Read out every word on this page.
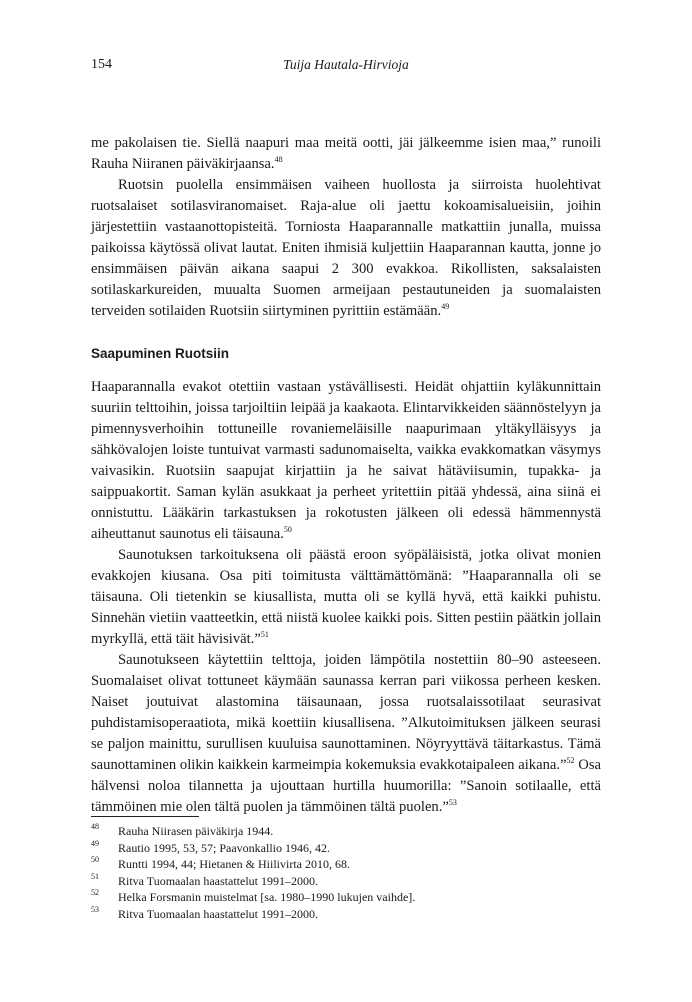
154	Tuija Hautala-Hirvioja

me pakolaisen tie. Siellä naapuri maa meitä ootti, jäi jälkeemme isien maa,” runoili Rauha Niiranen päiväkirjaansa.$^{48}$

Ruotsin puolella ensimmäisen vaiheen huollosta ja siirroista huolehtivat ruotsalaiset sotilasviranomaiset. Raja-alue oli jaettu kokoamisalueisiin, joihin järjestettiin vastaanottopisteitä. Torniosta Haaparannalle matkattiin junalla, muissa paikoissa käytössä olivat lautat. Eniten ihmisiä kuljettiin Haaparannan kautta, jonne jo ensimmäisen päivän aikana saapui 2 300 evakkoa. Rikollisten, saksalaisten sotilaskarkureiden, muualta Suomen armeijaan pestautuneiden ja suomalaisten terveiden sotilaiden Ruotsiin siirtyminen pyrittiin estämään.$^{49}$

Saapuminen Ruotsiin

Haaparannalla evakot otettiin vastaan ystävällisesti. Heidät ohjattiin kyläkunnittain suuriin telttoihin, joissa tarjoiltiin leipää ja kaakaota. Elintarvikkeiden säännöstelyyn ja pimennysverhoihin tottuneille rovaniemeläisille naapurimaan yltäkylläisyys ja sähkövalojen loiste tuntuivat varmasti sadunomaiselta, vaikka evakkomatkan väsymys vaivasikin. Ruotsiin saapujat kirjattiin ja he saivat hätäviisumin, tupakka- ja saippuakortit. Saman kylän asukkaat ja perheet yritettiin pitää yhdessä, aina siinä ei onnistuttu. Lääkärin tarkastuksen ja rokotusten jälkeen oli edessä hämmennystä aiheuttanut saunotus eli täisauna.$^{50}$

Saunotuksen tarkoituksena oli päästä eroon syöpäläisistä, jotka olivat monien evakkojen kiusana. Osa piti toimitusta välttämättömänä: ”Haaparannalla oli se täisauna. Oli tietenkin se kiusallista, mutta oli se kyllä hyvä, että kaikki puhistu. Sinnehän vietiin vaatteetkin, että niistä kuolee kaikki pois. Sitten pestiin päätkin jollain myrkyllä, että täit hävisivät.”$^{51}$

Saunotukseen käytettiin telttoja, joiden lämpötila nostettiin 80–90 asteeseen. Suomalaiset olivat tottuneet käymään saunassa kerran pari viikossa perheen kesken. Naiset joutuivat alastomina täisaunaan, jossa ruotsalaissotilaat seurasivat puhdistamisoperaatiota, mikä koettiin kiusallisena. ”Alkutoimituksen jälkeen seurasi se paljon mainittu, surullisen kuuluisa saunottaminen. Nöyryyttävä täitarkastus. Tämä saunottaminen olikin kaikkein karmeimpia kokemuksia evakkotaipaleen aikana.”$^{52}$ Osa hälvensi noloa tilannetta ja ujouttaan hurtilla huumorilla: ”Sanoin sotilaalle, että tämmöinen mie olen tältä puolen ja tämmöinen tältä puolen.”$^{53}$

48 Rauha Niirasen päiväkirja 1944.
49 Rautio 1995, 53, 57; Paavonkallio 1946, 42.
50 Runtti 1994, 44; Hietanen & Hiilivirta 2010, 68.
51 Ritva Tuomaalan haastattelut 1991–2000.
52 Helka Forsmanin muistelmat [sa. 1980–1990 lukujen vaihde].
53 Ritva Tuomaalan haastattelut 1991–2000.
